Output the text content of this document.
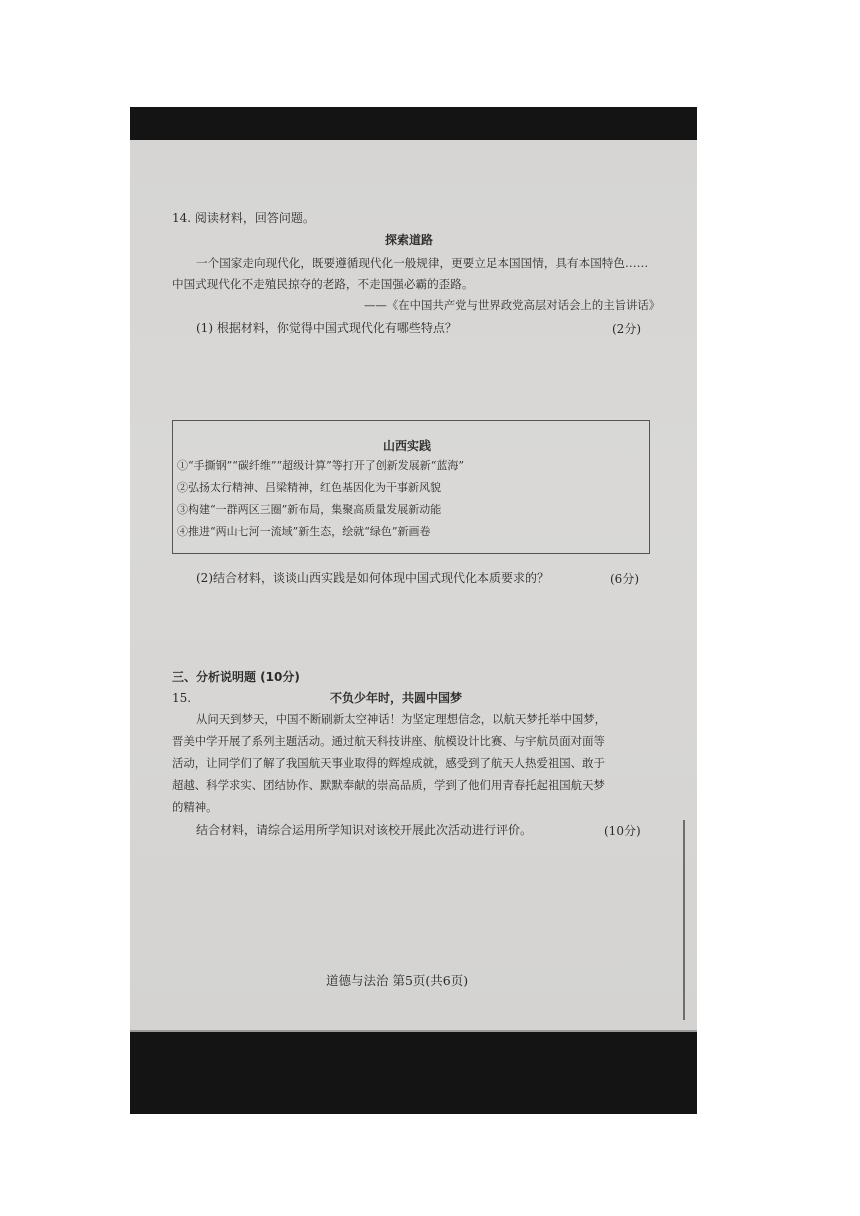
14. 阅读材料，回答问题。
探索道路
一个国家走向现代化，既要遵循现代化一般规律，更要立足本国国情，具有本国特色……
中国式现代化不走殖民掠夺的老路，不走国强必霸的歪路。
——《在中国共产党与世界政党高层对话会上的主旨讲话》
(1) 根据材料，你觉得中国式现代化有哪些特点？	(2分)
山西实践
①“手撕钢”“碳纤维”“超级计算”等打开了创新发展新“蓝海”
②弘扬太行精神、吕梁精神，红色基因化为干事新风貌
③构建“一群两区三圈”新布局，集聚高质量发展新动能
④推进“两山七河一流域”新生态，绘就“绿色”新画卷
(2)结合材料，谈谈山西实践是如何体现中国式现代化本质要求的？	(6分)
三、分析说明题 (10分)
15.	不负少年时，共圆中国梦
从问天到梦天，中国不断刷新太空神话！为坚定理想信念，以航天梦托举中国梦，
晋美中学开展了系列主题活动。通过航天科技讲座、航模设计比赛、与宇航员面对面等
活动，让同学们了解了我国航天事业取得的辉煌成就，感受到了航天人热爱祖国、敢于
超越、科学求实、团结协作、默默奉献的崇高品质，学到了他们用青春托起祖国航天梦
的精神。
结合材料，请综合运用所学知识对该校开展此次活动进行评价。	(10分)
道德与法治 第5页(共6页)
